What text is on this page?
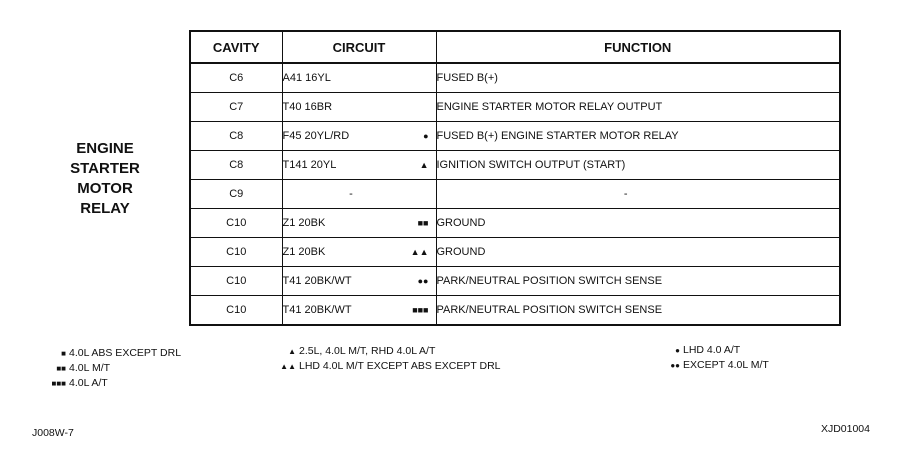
ENGINE
STARTER
MOTOR
RELAY
CAVITY	CIRCUIT	FUNCTION
C6	A41 16YL	FUSED B(+)
C7	T40 16BR	ENGINE STARTER MOTOR RELAY OUTPUT
C8	F45 20YL/RD ●	FUSED B(+) ENGINE STARTER MOTOR RELAY
C8	T141 20YL ▲	IGNITION SWITCH OUTPUT (START)
C9	-	-

C10	Z1 20BK ■■	GROUND
C10	Z1 20BK ▲▲	GROUND
C10	T41 20BK/WT ●●	PARK/NEUTRAL POSITION SWITCH SENSE
C10	T41 20BK/WT ■■■	PARK/NEUTRAL POSITION SWITCH SENSE
■ 4.0L ABS EXCEPT DRL
■■ 4.0L M/T
■■■ 4.0L A/T
▲ 2.5L, 4.0L M/T, RHD 4.0L A/T
▲▲ LHD 4.0L M/T EXCEPT ABS EXCEPT DRL
● LHD 4.0 A/T
●● EXCEPT 4.0L M/T
J008W-7	XJD01004
